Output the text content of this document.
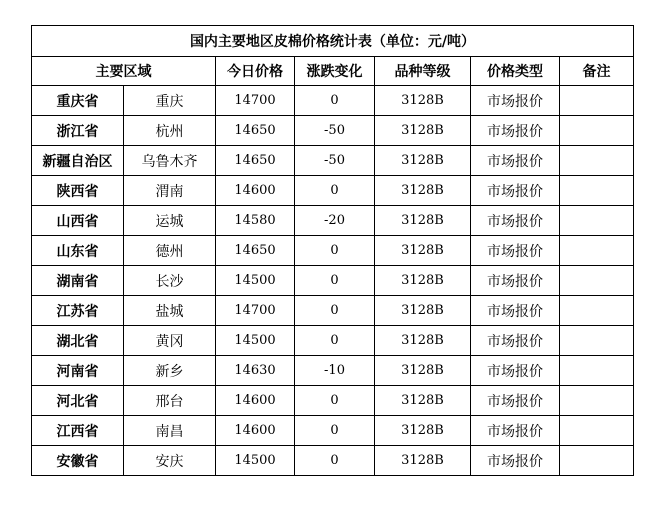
国内主要地区皮棉价格统计表（单位：元/吨）						
主要区域		今日价格	涨跌变化	品种等级	价格类型	备注
重庆省	重庆	14700	0	3128B	市场报价	
浙江省	杭州	14650	-50	3128B	市场报价	
新疆自治区	乌鲁木齐	14650	-50	3128B	市场报价	
陕西省	渭南	14600	0	3128B	市场报价	
山西省	运城	14580	-20	3128B	市场报价	
山东省	德州	14650	0	3128B	市场报价	
湖南省	长沙	14500	0	3128B	市场报价	
江苏省	盐城	14700	0	3128B	市场报价	
湖北省	黄冈	14500	0	3128B	市场报价	
河南省	新乡	14630	-10	3128B	市场报价	
河北省	邢台	14600	0	3128B	市场报价	
江西省	南昌	14600	0	3128B	市场报价	
安徽省	安庆	14500	0	3128B	市场报价	
